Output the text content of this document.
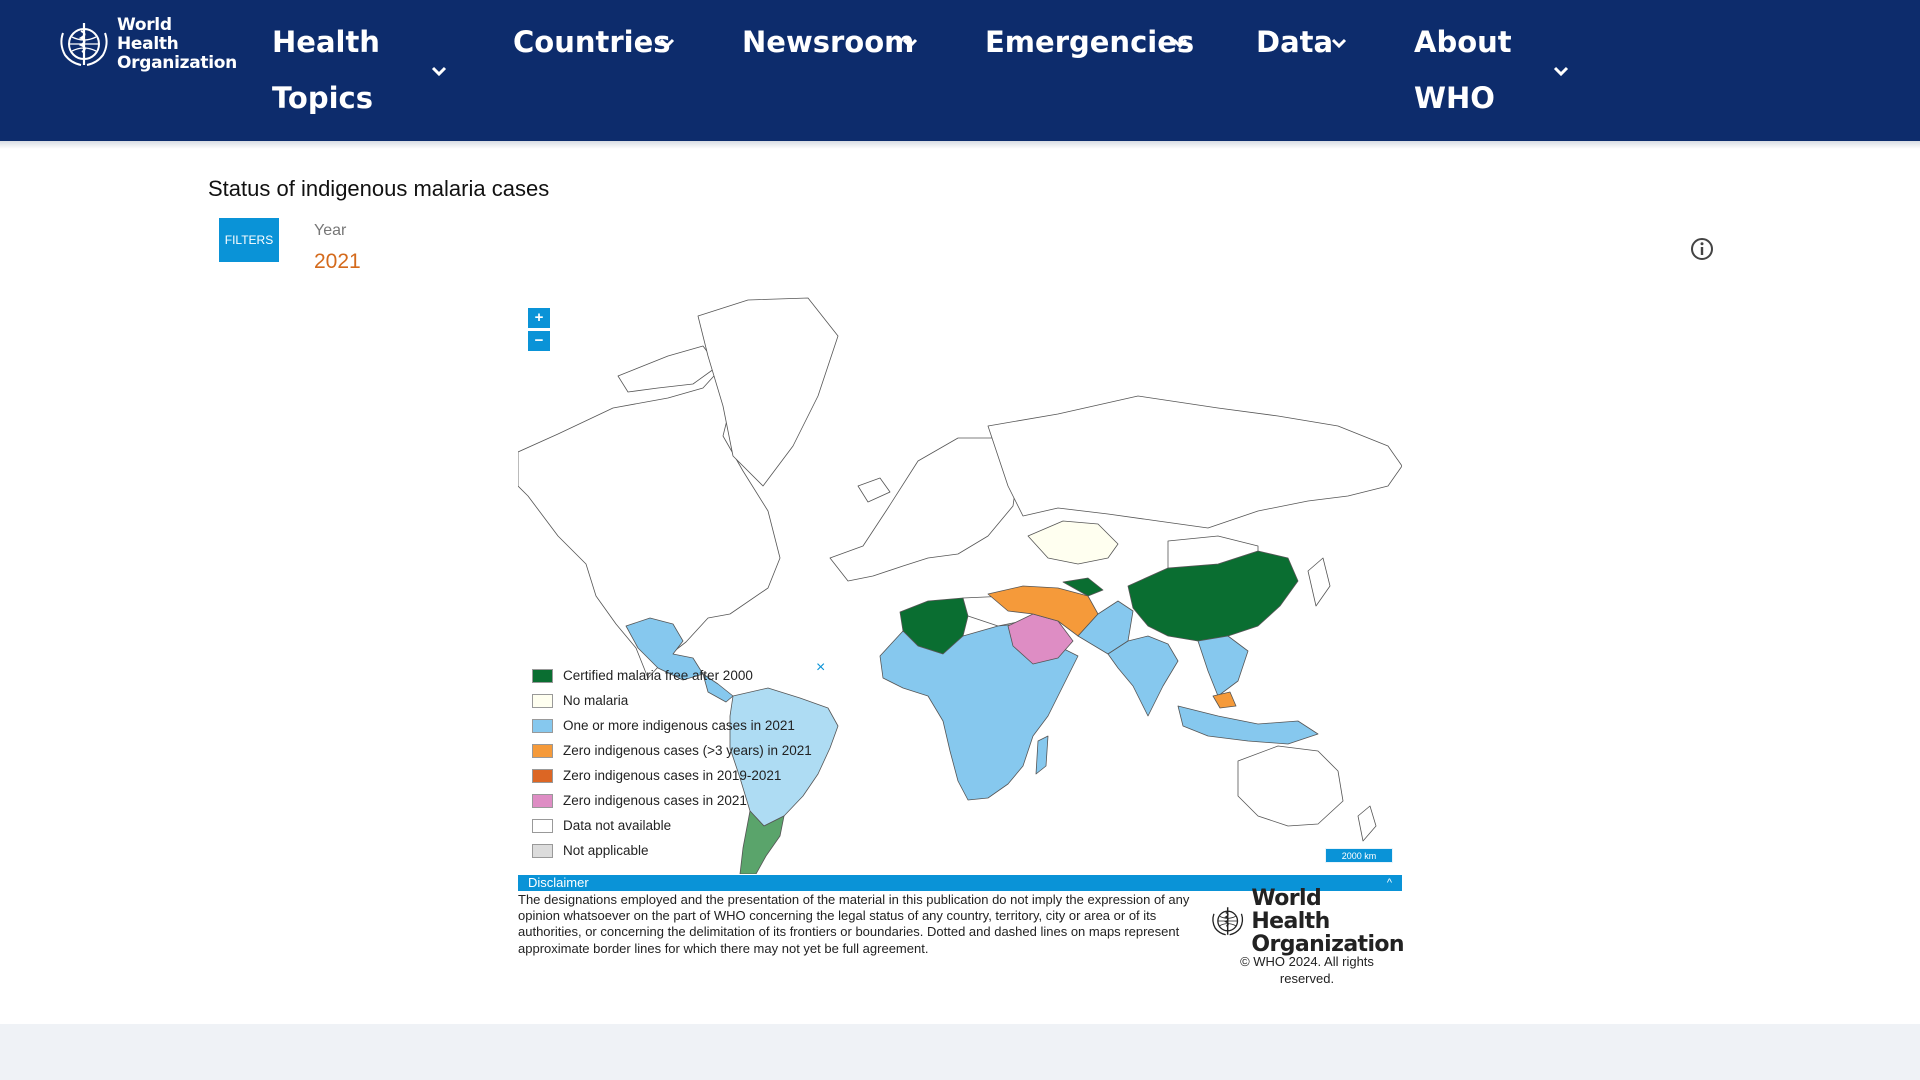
World Health
Organization
Health
Topics
Countries Newsroom Emergencies Data	About
WHO
Status of indigenous malaria cases
FILTERS
Year
2021
+
−
2000 km
Certified malaria free after 2000
No malaria
One or more indigenous cases in 2021
Zero indigenous cases (>3 years) in 2021
Zero indigenous cases in 2019-2021
Zero indigenous cases in 2021
Data not available
Not applicable
×
Disclaimer	^
The designations employed and the presentation of the material in this publication do not imply the expression of any opinion whatsoever on the part of WHO concerning the legal status of any country, territory, city or area or of its authorities, or concerning the delimitation of its frontiers or boundaries. Dotted and dashed lines on maps represent approximate border lines for which there may not yet be full agreement.
World Health
Organization
© WHO 2024. All rights reserved.
